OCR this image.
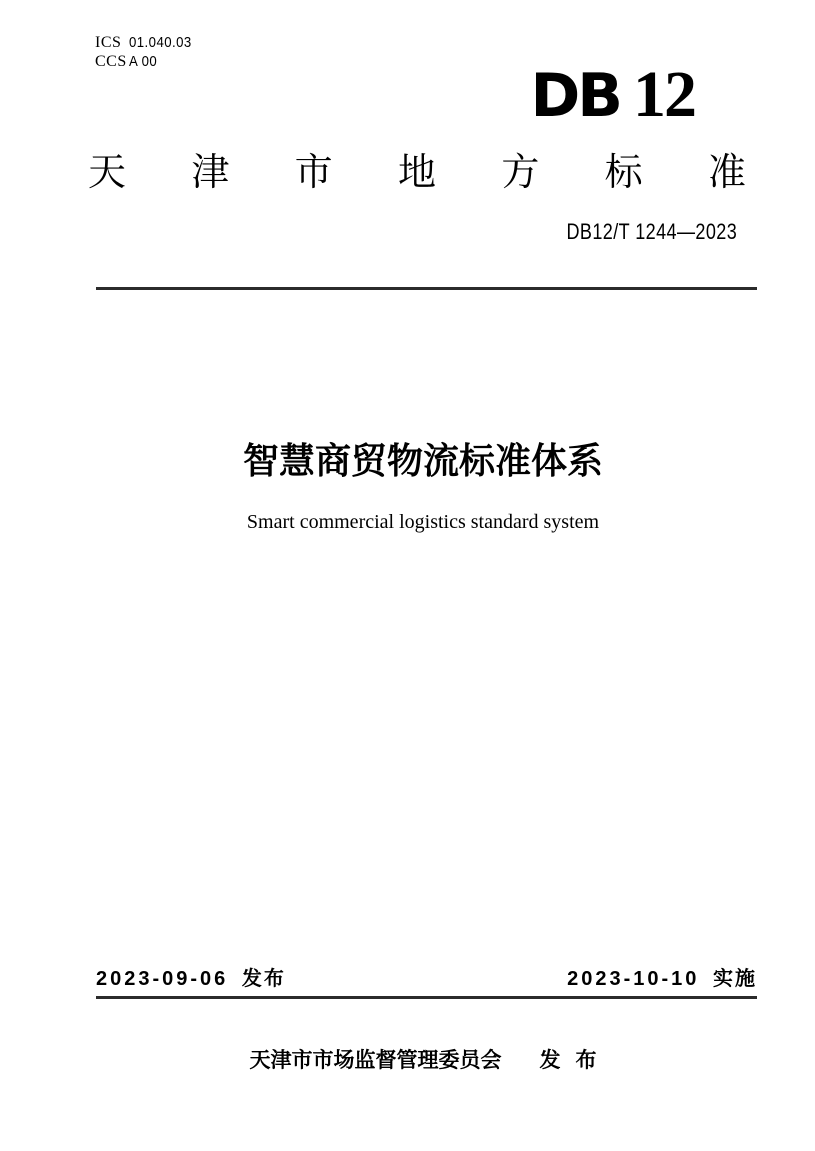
ICS 01.040.03
CCS A 00	DB 12
天 津 市 地 方 标 准
DB12/T 1244—2023
智慧商贸物流标准体系
Smart commercial logistics standard system
2023-09-06 发布	2023-10-10 实施
天津市市场监督管理委员会 发 布
